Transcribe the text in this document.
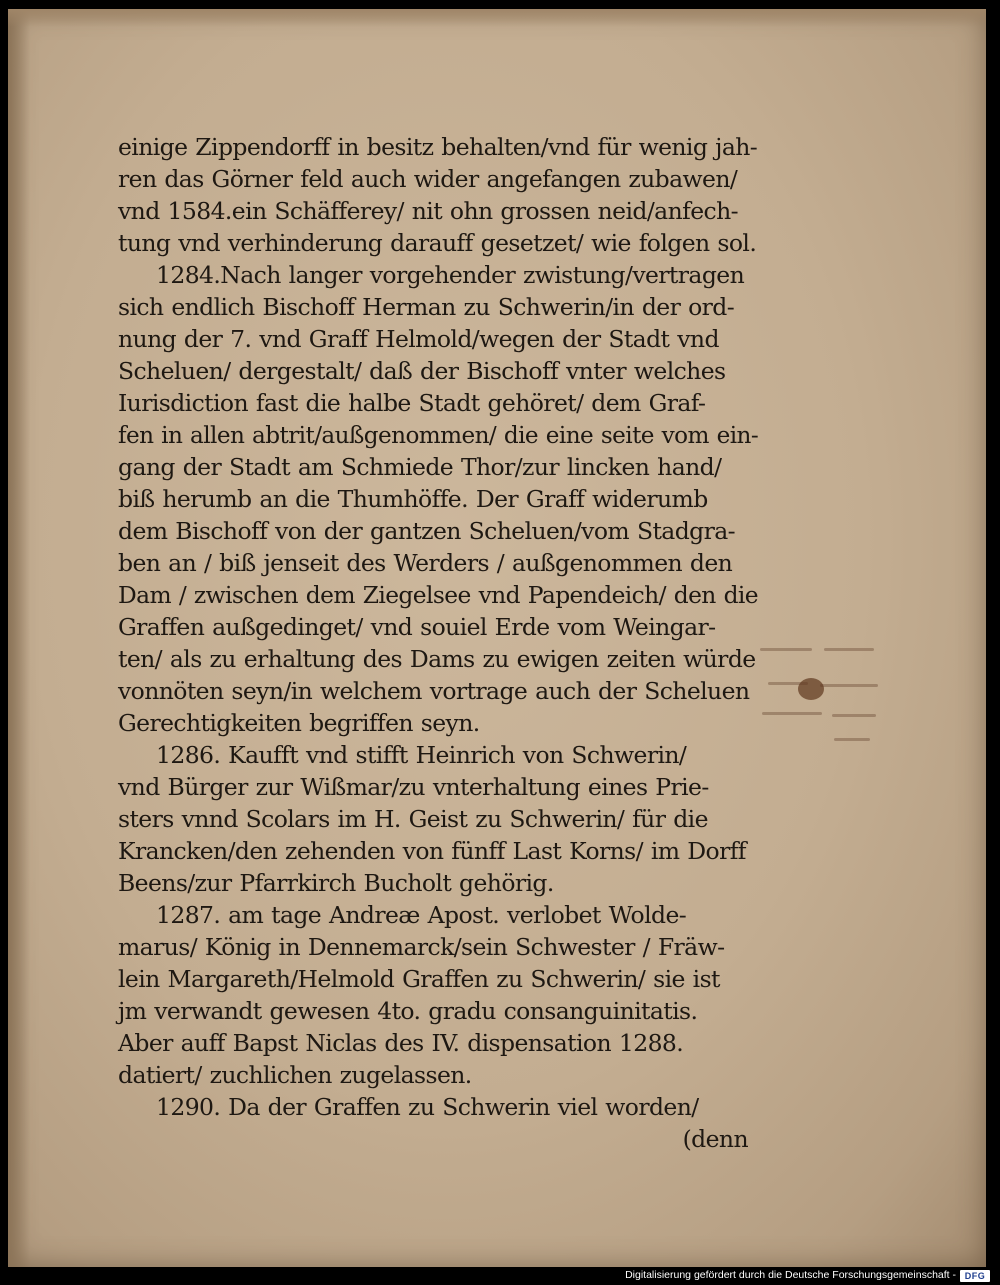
einige Zippendorff in besitz behalten/vnd für wenig jah-
ren das Görner feld auch wider angefangen zubawen/
vnd 1584.ein Schäfferey/ nit ohn grossen neid/anfech-
tung vnd verhinderung darauff gesetzet/ wie folgen sol.
1284.Nach langer vorgehender zwistung/vertragen
sich endlich Bischoff Herman zu Schwerin/in der ord-
nung der 7. vnd Graff Helmold/wegen der Stadt vnd
Scheluen/ dergestalt/ daß der Bischoff vnter welches
Iurisdiction fast die halbe Stadt gehöret/ dem Graf-
fen in allen abtrit/außgenommen/ die eine seite vom ein-
gang der Stadt am Schmiede Thor/zur lincken hand/
biß herumb an die Thumhöffe. Der Graff widerumb
dem Bischoff von der gantzen Scheluen/vom Stadgra-
ben an / biß jenseit des Werders / außgenommen den
Dam / zwischen dem Ziegelsee vnd Papendeich/ den die
Graffen außgedinget/ vnd souiel Erde vom Weingar-
ten/ als zu erhaltung des Dams zu ewigen zeiten würde
vonnöten seyn/in welchem vortrage auch der Scheluen
Gerechtigkeiten begriffen seyn.
1286. Kaufft vnd stifft Heinrich von Schwerin/
vnd Bürger zur Wißmar/zu vnterhaltung eines Prie-
sters vnnd Scolars im H. Geist zu Schwerin/ für die
Krancken/den zehenden von fünff Last Korns/ im Dorff
Beens/zur Pfarrkirch Bucholt gehörig.
1287. am tage Andreæ Apost. verlobet Wolde-
marus/ König in Dennemarck/sein Schwester / Fräw-
lein Margareth/Helmold Graffen zu Schwerin/ sie ist
jm verwandt gewesen 4to. gradu consanguinitatis.
Aber auff Bapst Niclas des IV. dispensation 1288.
datiert/ zuchlichen zugelassen.
1290. Da der Graffen zu Schwerin viel worden/
(denn
Digitalisierung gefördert durch die Deutsche Forschungsgemeinschaft - DFG
